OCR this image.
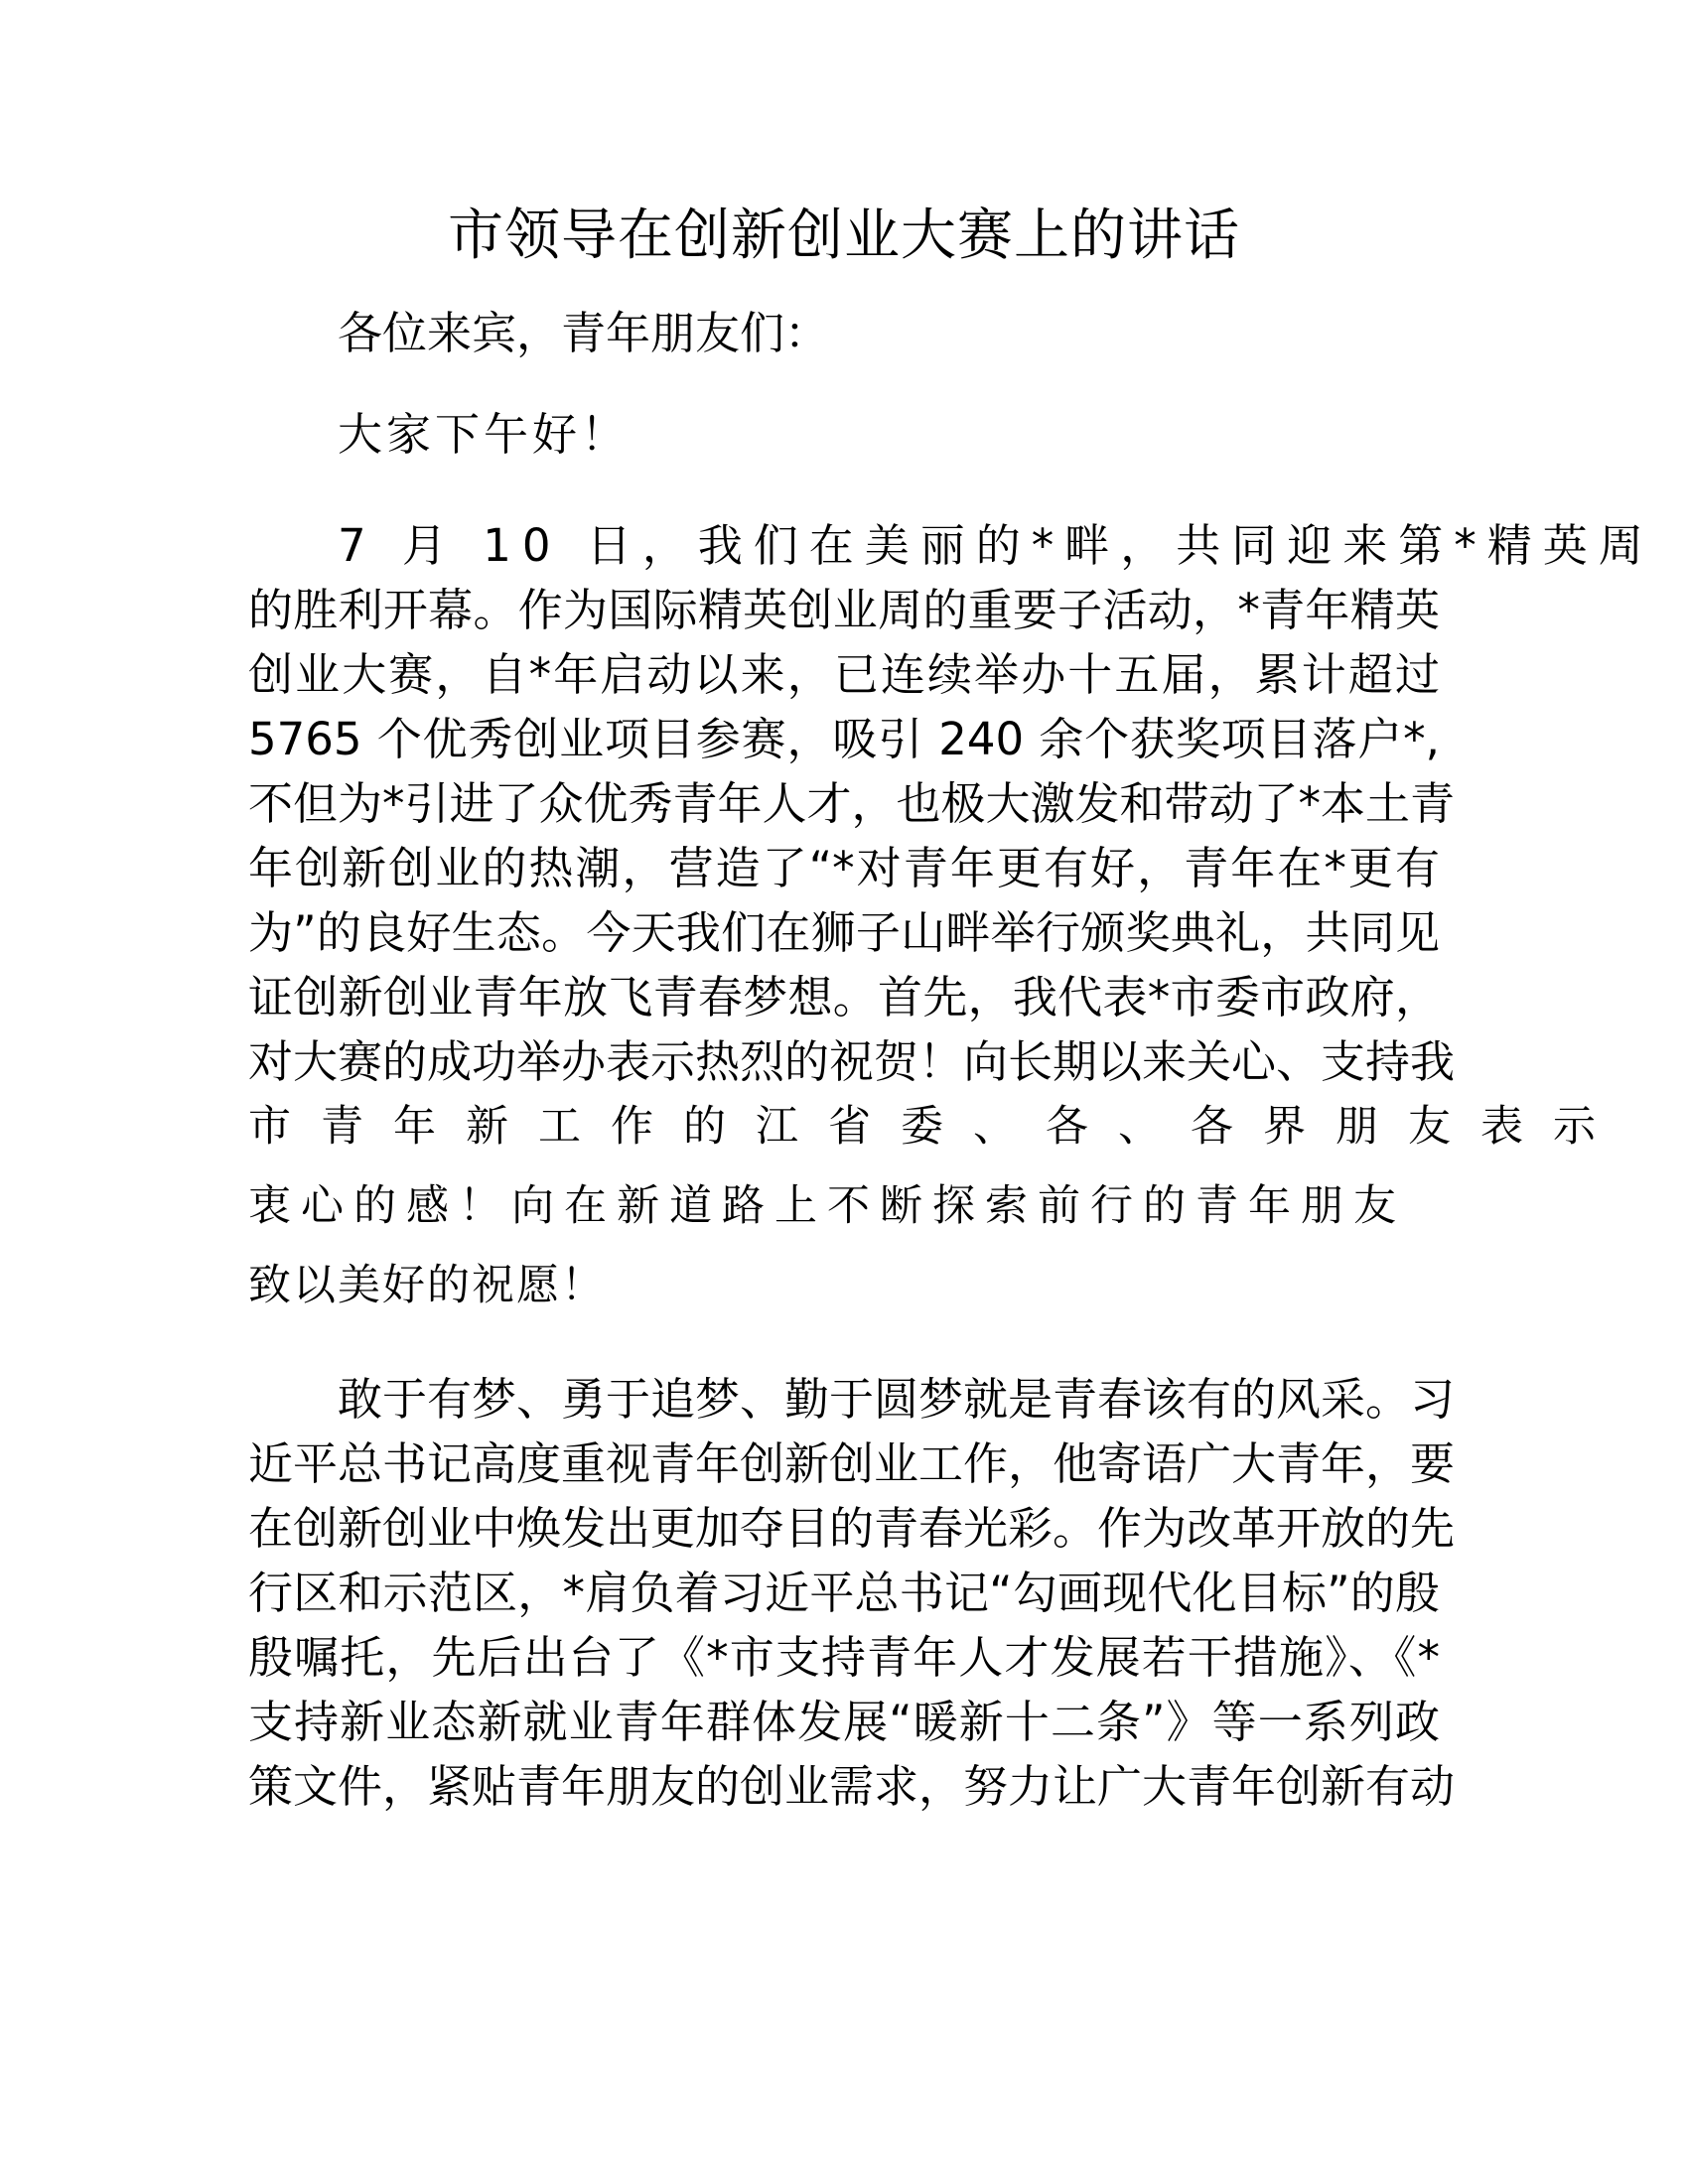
市领导在创新创业大赛上的讲话
各位来宾，青年朋友们：
大家下午好！
7 月 10 日，我们在美丽的*畔，共同迎来第*精英周
的胜利开幕。作为国际精英创业周的重要子活动，*青年精英
创业大赛，自*年启动以来，已连续举办十五届，累计超过
5765 个优秀创业项目参赛，吸引 240 余个获奖项目落户*,
不但为*引进了众优秀青年人才，也极大激发和带动了*本土青
年创新创业的热潮，营造了“*对青年更有好，青年在*更有
为”的良好生态。今天我们在狮子山畔举行颁奖典礼，共同见
证创新创业青年放飞青春梦想。首先，我代表*市委市政府，
对大赛的成功举办表示热烈的祝贺！向长期以来关心、支持我
市青年新工作的江省委、各、各界朋友表示
衷心的感！向在新道路上不断探索前行的青年朋友
致以美好的祝愿！
敢于有梦、勇于追梦、勤于圆梦就是青春该有的风采。习
近平总书记高度重视青年创新创业工作，他寄语广大青年，要
在创新创业中焕发出更加夺目的青春光彩。作为改革开放的先
行区和示范区，*肩负着习近平总书记“勾画现代化目标”的殷
殷嘱托，先后出台了《*市支持青年人才发展若干措施》、《*
支持新业态新就业青年群体发展“暖新十二条”》等一系列政
策文件，紧贴青年朋友的创业需求，努力让广大青年创新有动
